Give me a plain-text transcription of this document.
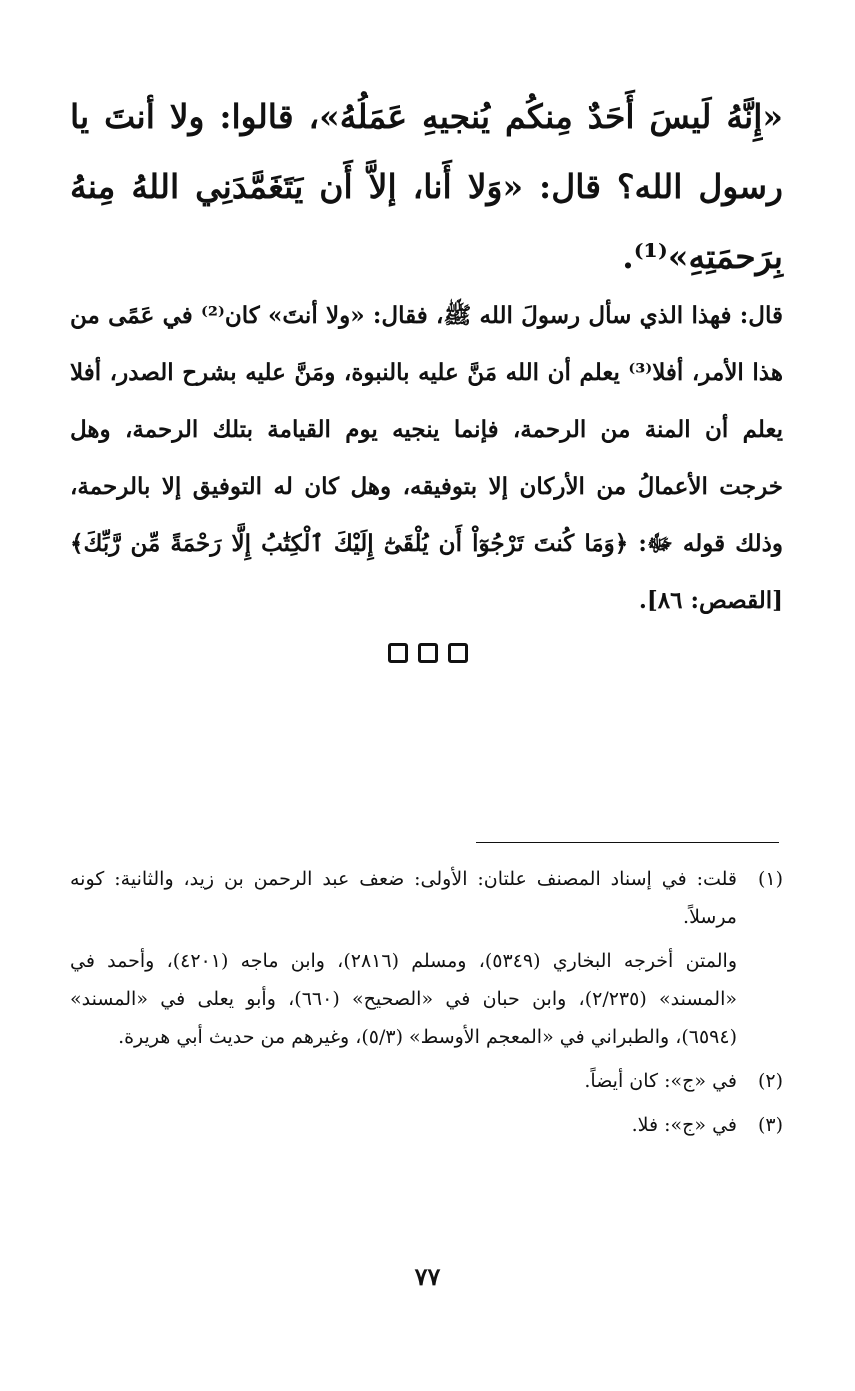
«إِنَّهُ لَيسَ أَحَدٌ مِنكُم يُنجيهِ عَمَلُهُ»، قالوا: ولا أنتَ يا رسول الله؟ قال: «وَلا أَنا، إلاَّ أَن يَتَغَمَّدَنِي اللهُ مِنهُ بِرَحمَتِهِ»⁽¹⁾.
قال: فهذا الذي سأل رسولَ الله ﷺ، فقال: «ولا أنتَ» كان⁽²⁾ في عَمًى من هذا الأمر، أفلا⁽³⁾ يعلم أن الله مَنَّ عليه بالنبوة، ومَنَّ عليه بشرح الصدر، أفلا يعلم أن المنة من الرحمة، فإنما ينجيه يوم القيامة بتلك الرحمة، وهل خرجت الأعمالُ من الأركان إلا بتوفيقه، وهل كان له التوفيق إلا بالرحمة، وذلك قوله ﷻ: ﴿وَمَا كُنتَ تَرْجُوٓاْ أَن يُلْقَىٰٓ إِلَيْكَ ٱلْكِتَٰبُ إِلَّا رَحْمَةً مِّن رَّبِّكَ﴾ [القصص: ٨٦].
(١)

قلت: في إسناد المصنف علتان: الأولى: ضعف عبد الرحمن بن زيد، والثانية: كونه مرسلاً.

والمتن أخرجه البخاري (٥٣٤٩)، ومسلم (٢٨١٦)، وابن ماجه (٤٢٠١)، وأحمد في «المسند» (٢/٢٣٥)، وابن حبان في «الصحيح» (٦٦٠)، وأبو يعلى في «المسند» (٦٥٩٤)، والطبراني في «المعجم الأوسط» (٥/٣)، وغيرهم من حديث أبي هريرة.

(٢)

في «ج»: كان أيضاً.

(٣)

في «ج»: فلا.

٧٧
